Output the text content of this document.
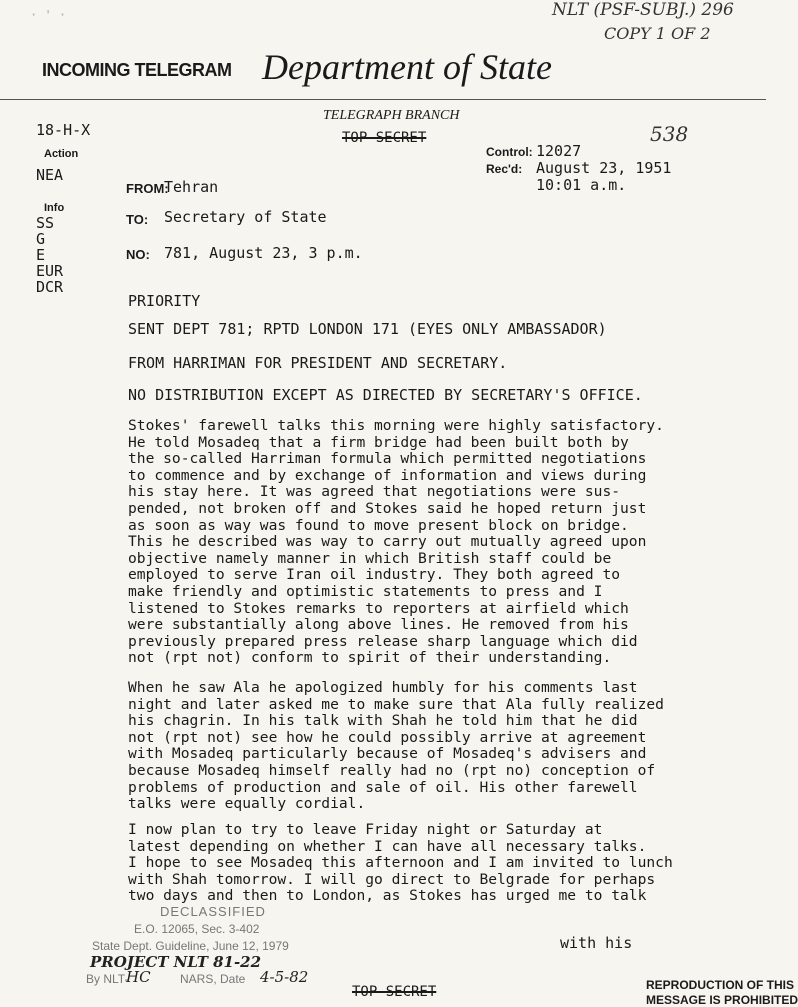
NLT (PSF-SUBJ.) 296
COPY 1 OF 2
· ' ·
INCOMING TELEGRAM Department of State
TELEGRAPH BRANCH
TOP SECRET	538
18-H-X
Action
NEA
Info
SS
G
E
EUR
DCR
Control: 12027
Rec'd: August 23, 1951
10:01 a.m.
FROM:
Tehran
TO: Secretary of State
NO: 781, August 23, 3 p.m.
PRIORITY
SENT DEPT 781; RPTD LONDON 171 (EYES ONLY AMBASSADOR)
FROM HARRIMAN FOR PRESIDENT AND SECRETARY.
NO DISTRIBUTION EXCEPT AS DIRECTED BY SECRETARY'S OFFICE.
Stokes' farewell talks this morning were highly satisfactory.
He told Mosadeq that a firm bridge had been built both by
the so-called Harriman formula which permitted negotiations
to commence and by exchange of information and views during
his stay here. It was agreed that negotiations were sus-
pended, not broken off and Stokes said he hoped return just
as soon as way was found to move present block on bridge.
This he described was way to carry out mutually agreed upon
objective namely manner in which British staff could be
employed to serve Iran oil industry. They both agreed to
make friendly and optimistic statements to press and I
listened to Stokes remarks to reporters at airfield which
were substantially along above lines. He removed from his
previously prepared press release sharp language which did
not (rpt not) conform to spirit of their understanding.
When he saw Ala he apologized humbly for his comments last
night and later asked me to make sure that Ala fully realized
his chagrin. In his talk with Shah he told him that he did
not (rpt not) see how he could possibly arrive at agreement
with Mosadeq particularly because of Mosadeq's advisers and
because Mosadeq himself really had no (rpt no) conception of
problems of production and sale of oil. His other farewell
talks were equally cordial.
I now plan to try to leave Friday night or Saturday at
latest depending on whether I can have all necessary talks.
I hope to see Mosadeq this afternoon and I am invited to lunch
with Shah tomorrow. I will go direct to Belgrade for perhaps
two days and then to London, as Stokes has urged me to talk
DECLASSIFIED
E.O. 12065, Sec. 3-402
State Dept. Guideline, June 12, 1979
PROJECT NLT 81-22
By NLT-
HC NARS, Date 4-5-82
with his
TOP SECRET	REPRODUCTION OF THIS
MESSAGE IS PROHIBITED
